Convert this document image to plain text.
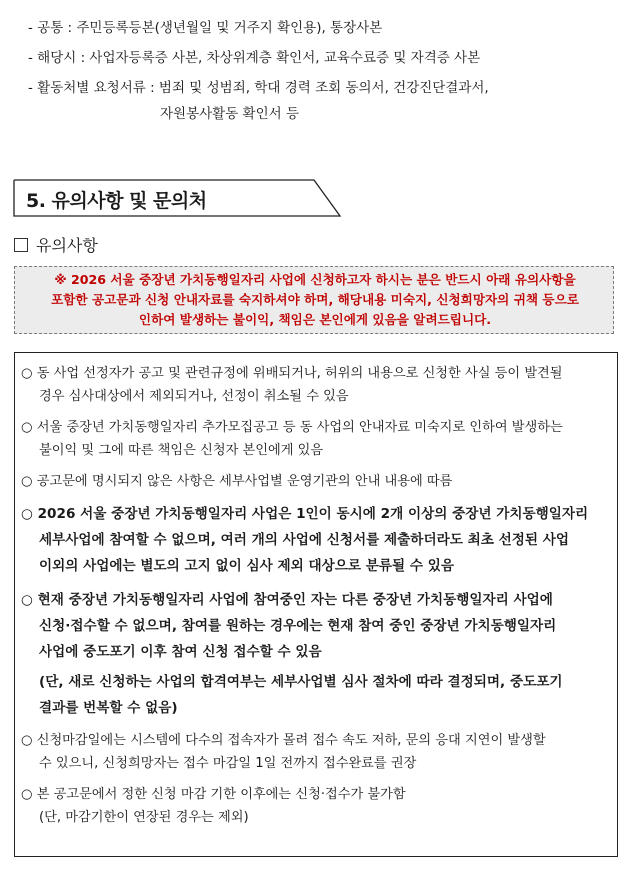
- 공통 : 주민등록등본(생년월일 및 거주지 확인용), 통장사본
- 해당시 : 사업자등록증 사본, 차상위계층 확인서, 교육수료증 및 자격증 사본
- 활동처별 요청서류 : 범죄 및 성범죄, 학대 경력 조회 동의서, 건강진단결과서,
자원봉사활동 확인서 등
5. 유의사항 및 문의처
유의사항
※ 2026 서울 중장년 가치동행일자리 사업에 신청하고자 하시는 분은 반드시 아래 유의사항을
포함한 공고문과 신청 안내자료를 숙지하셔야 하며, 해당내용 미숙지, 신청희망자의 귀책 등으로
인하여 발생하는 불이익, 책임은 본인에게 있음을 알려드립니다.
○ 동 사업 선정자가 공고 및 관련규정에 위배되거나, 허위의 내용으로 신청한 사실 등이 발견될
경우 심사대상에서 제외되거나, 선정이 취소될 수 있음
○ 서울 중장년 가치동행일자리 추가모집공고 등 동 사업의 안내자료 미숙지로 인하여 발생하는
불이익 및 그에 따른 책임은 신청자 본인에게 있음
○ 공고문에 명시되지 않은 사항은 세부사업별 운영기관의 안내 내용에 따름
○ 2026 서울 중장년 가치동행일자리 사업은 1인이 동시에 2개 이상의 중장년 가치동행일자리
세부사업에 참여할 수 없으며, 여러 개의 사업에 신청서를 제출하더라도 최초 선정된 사업
이외의 사업에는 별도의 고지 없이 심사 제외 대상으로 분류될 수 있음
○ 현재 중장년 가치동행일자리 사업에 참여중인 자는 다른 중장년 가치동행일자리 사업에
신청·접수할 수 없으며, 참여를 원하는 경우에는 현재 참여 중인 중장년 가치동행일자리
사업에 중도포기 이후 참여 신청 접수할 수 있음
(단, 새로 신청하는 사업의 합격여부는 세부사업별 심사 절차에 따라 결정되며, 중도포기
결과를 번복할 수 없음)
○ 신청마감일에는 시스템에 다수의 접속자가 몰려 접수 속도 저하, 문의 응대 지연이 발생할
수 있으니, 신청희망자는 접수 마감일 1일 전까지 접수완료를 권장
○ 본 공고문에서 정한 신청 마감 기한 이후에는 신청·접수가 불가함
(단, 마감기한이 연장된 경우는 제외)
